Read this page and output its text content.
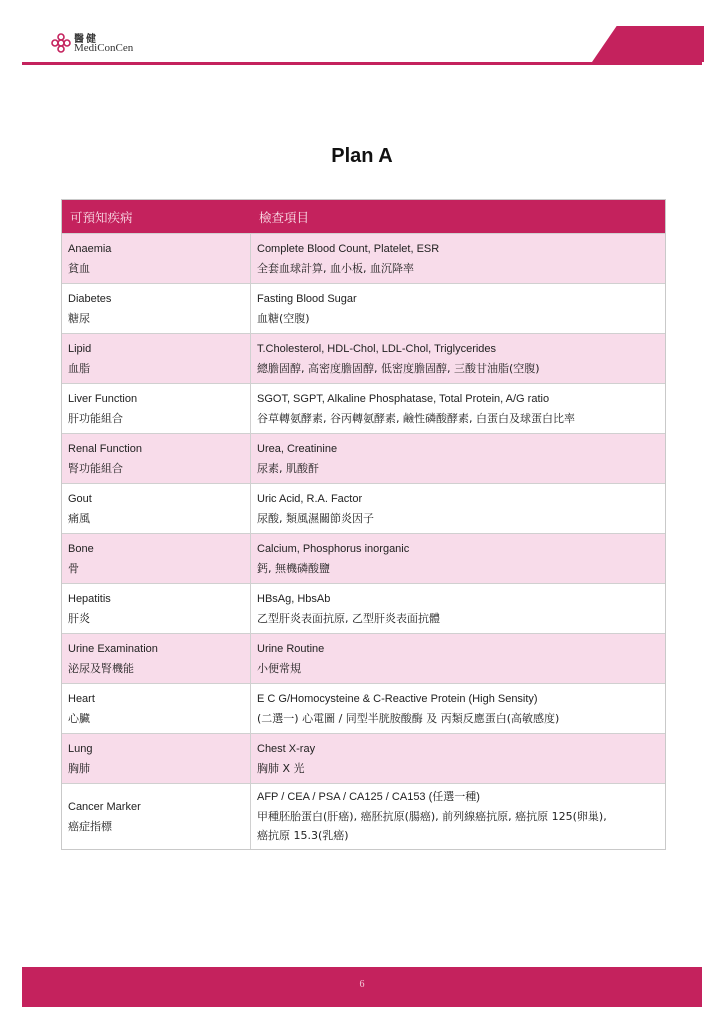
醫健
MediConCen
Plan A
可預知疾病	檢查項目
Anaemia
貧血
Complete Blood Count, Platelet, ESR
全套血球計算, 血小板, 血沉降率
Diabetes
糖尿
Fasting Blood Sugar
血糖(空腹)
Lipid
血脂
T.Cholesterol, HDL-Chol, LDL-Chol, Triglycerides
總膽固醇, 高密度膽固醇, 低密度膽固醇, 三酸甘油脂(空腹)
Liver Function
肝功能組合
SGOT, SGPT, Alkaline Phosphatase, Total Protein, A/G ratio
谷草轉氨酵素, 谷丙轉氨酵素, 鹼性磷酸酵素, 白蛋白及球蛋白比率
Renal Function
腎功能組合
Urea, Creatinine
尿素, 肌酸酐
Gout
痛風
Uric Acid, R.A. Factor
尿酸, 類風濕關節炎因子
Bone
骨
Calcium, Phosphorus inorganic
鈣, 無機磷酸鹽
Hepatitis
肝炎
HBsAg, HbsAb
乙型肝炎表面抗原, 乙型肝炎表面抗體
Urine Examination
泌尿及腎機能
Urine Routine
小便常規
Heart
心臟
E C G/Homocysteine & C-Reactive Protein (High Sensity)
(二選一) 心電圖 / 同型半胱胺酸酶 及 丙類反應蛋白(高敏感度)
Lung
胸肺
Chest X-ray
胸肺 X 光
Cancer Marker
癌症指標
AFP / CEA / PSA / CA125 / CA153 (任選一種)
甲種胚胎蛋白(肝癌), 癌胚抗原(腸癌), 前列線癌抗原, 癌抗原 125(卵巢),
癌抗原 15.3(乳癌)
6
